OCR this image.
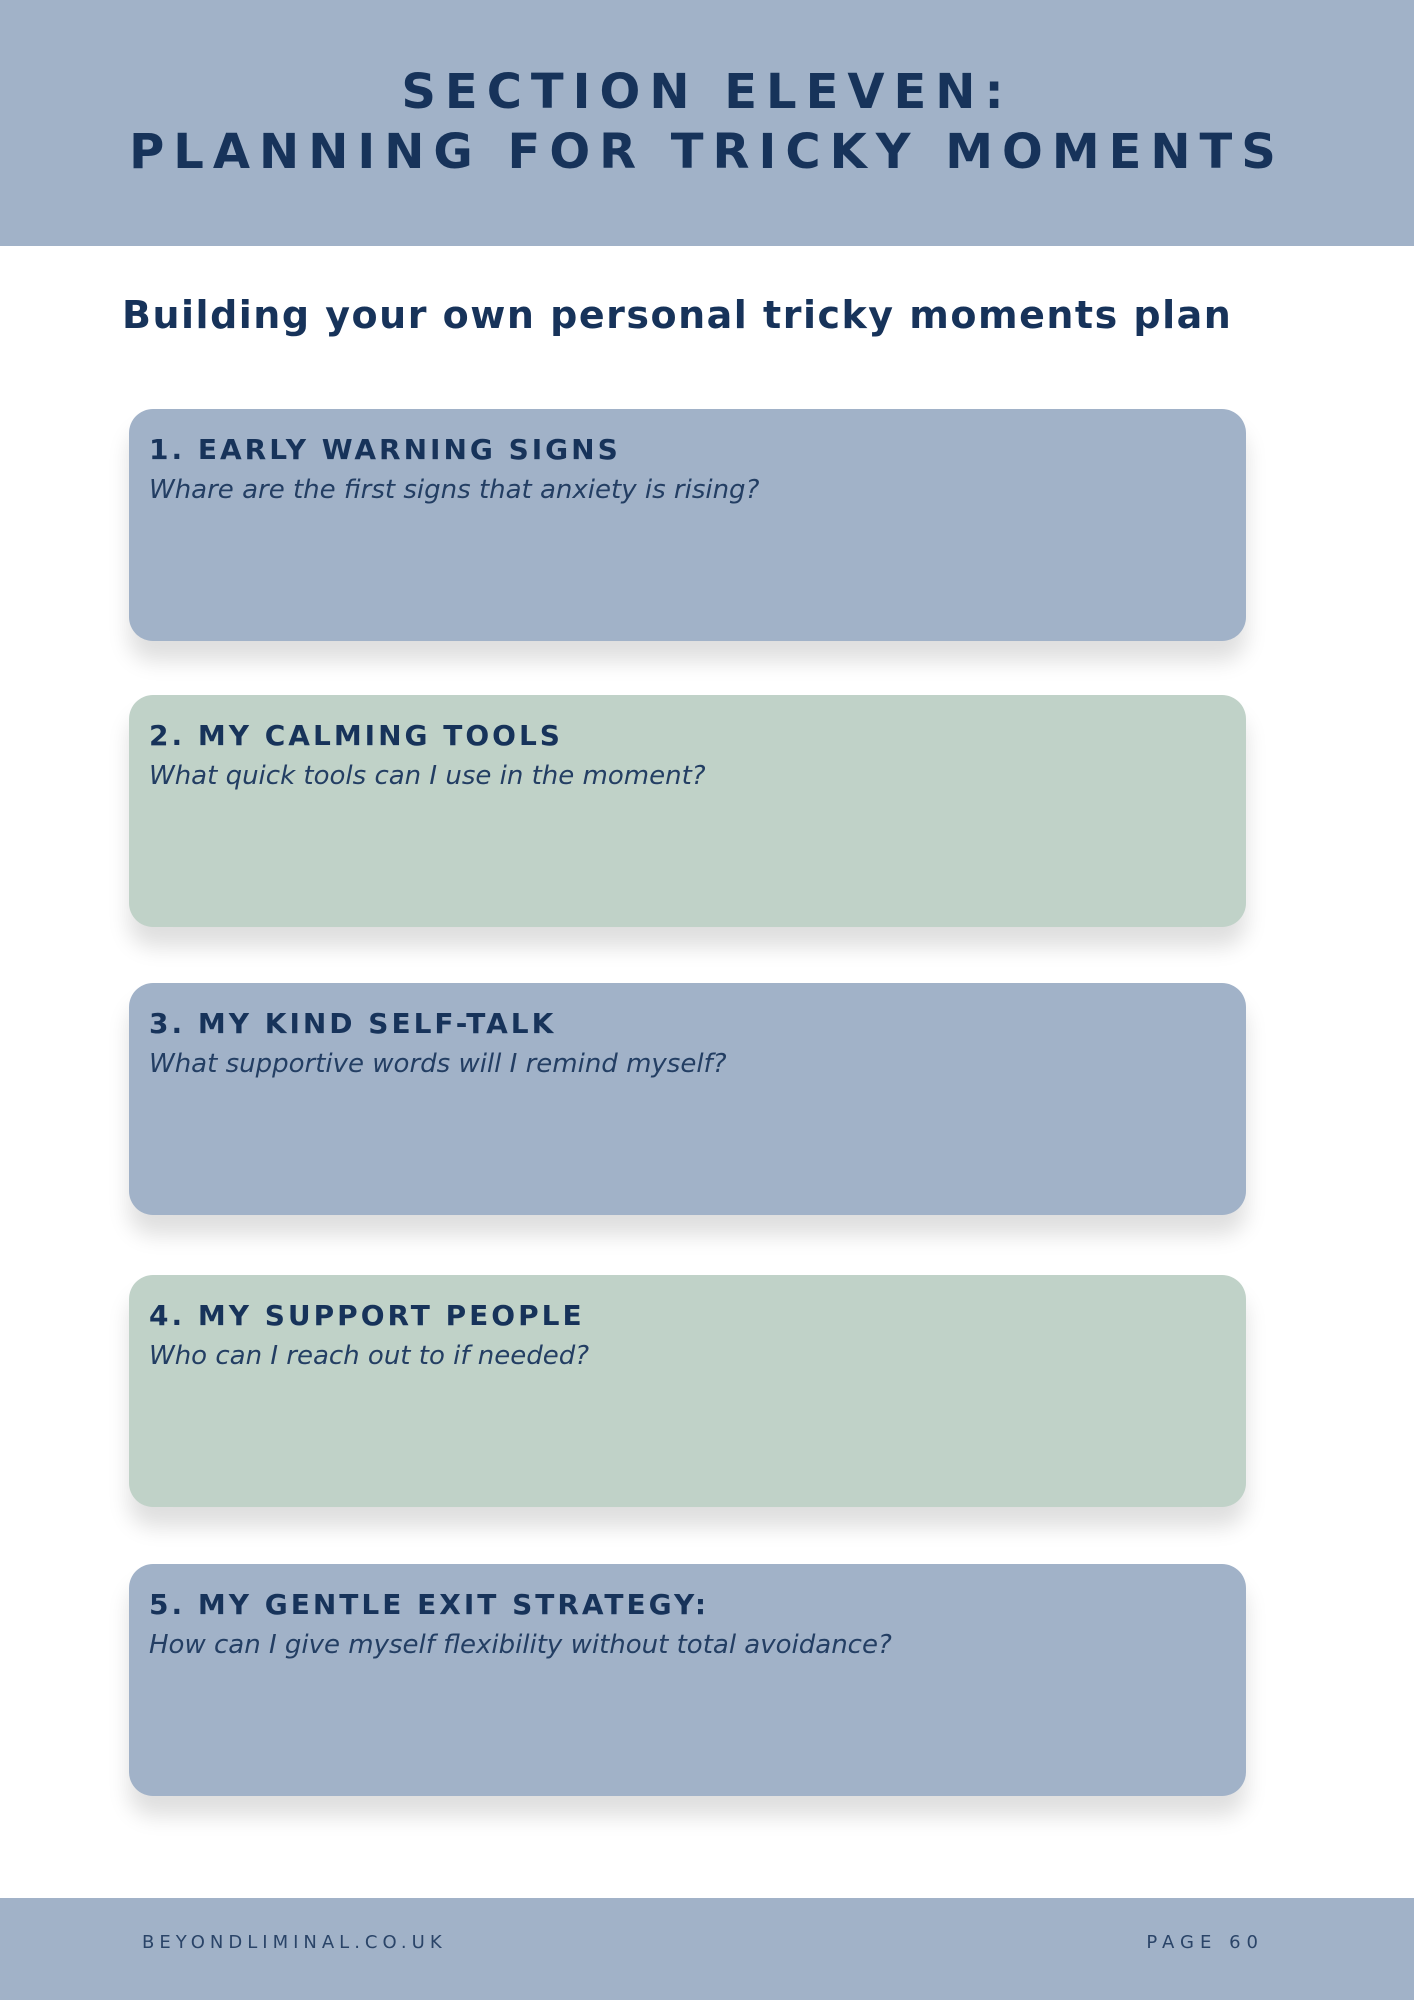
SECTION ELEVEN:
PLANNING FOR TRICKY MOMENTS
Building your own personal tricky moments plan

1. EARLY WARNING SIGNS

Whare are the first signs that anxiety is rising?

2. MY CALMING TOOLS

What quick tools can I use in the moment?

3. MY KIND SELF-TALK

What supportive words will I remind myself?

4. MY SUPPORT PEOPLE

Who can I reach out to if needed?

5. MY GENTLE EXIT STRATEGY:

How can I give myself flexibility without total avoidance?

BEYONDLIMINAL.CO.UK	PAGE 60
